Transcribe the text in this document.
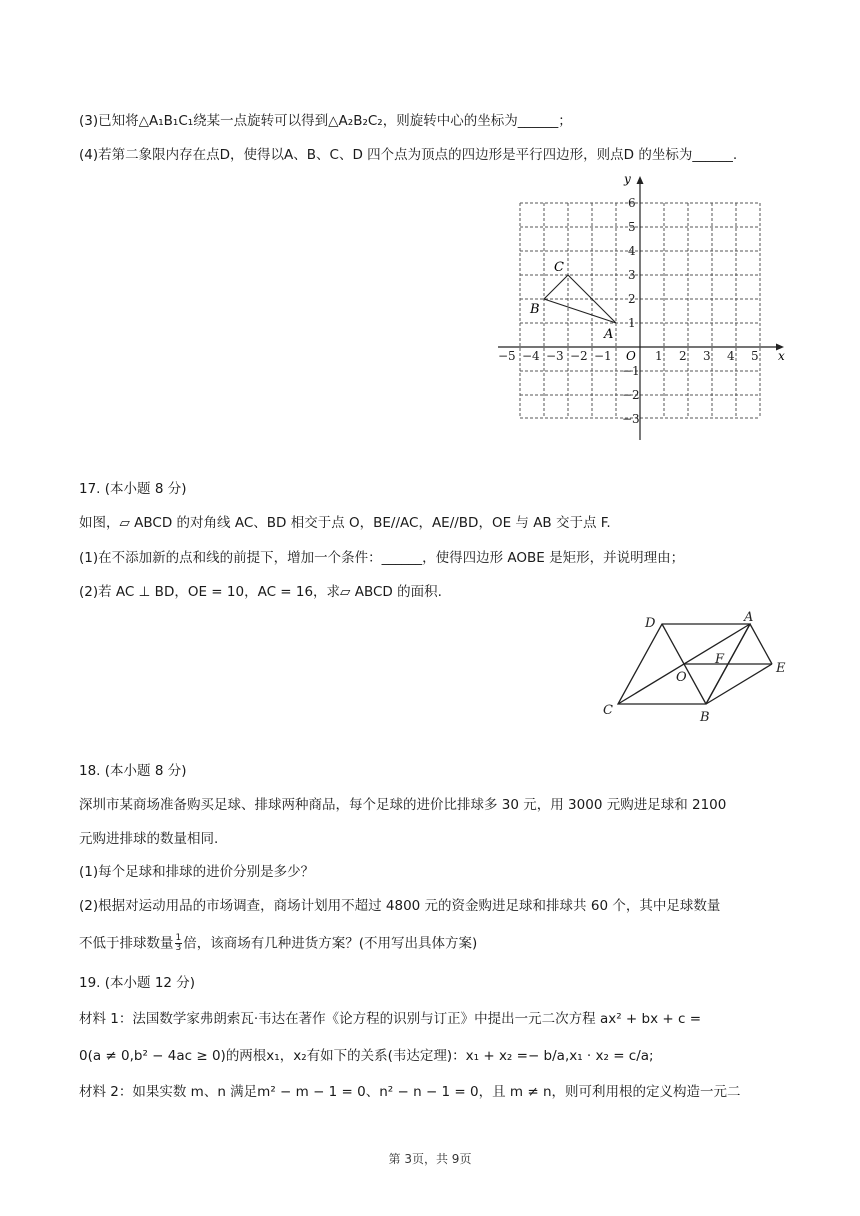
(3)已知将△A₁B₁C₁绕某一点旋转可以得到△A₂B₂C₂，则旋转中心的坐标为______；
(4)若第二象限内存在点D，使得以A、B、C、D 四个点为顶点的四边形是平行四边形，则点D 的坐标为______.
x
y
O
−5 −4 −3 −2 −1	1 2 3 4 5
6
5
4
3
2
1
−1
−2
−3
A
B
C
17. (本小题 8 分)
如图，▱ ABCD 的对角线 AC、BD 相交于点 O，BE//AC，AE//BD，OE 与 AB 交于点 F.
(1)在不添加新的点和线的前提下，增加一个条件：______，使得四边形 AOBE 是矩形，并说明理由；
(2)若 AC ⊥ BD，OE = 10，AC = 16，求▱ ABCD 的面积.
D	A
F
O
E
C	B
18. (本小题 8 分)
深圳市某商场准备购买足球、排球两种商品，每个足球的进价比排球多 30 元，用 3000 元购进足球和 2100
元购进排球的数量相同.
(1)每个足球和排球的进价分别是多少？
(2)根据对运动用品的市场调查，商场计划用不超过 4800 元的资金购进足球和排球共 60 个，其中足球数量
不低于排球数量 $\frac{1}{3}$ 倍，该商场有几种进货方案？(不用写出具体方案)
19. (本小题 12 分)
材料 1：法国数学家弗朗索瓦·韦达在著作《论方程的识别与订正》中提出一元二次方程 ax² + bx + c =
0(a ≠ 0,b² − 4ac ≥ 0)的两根x₁，x₂有如下的关系(韦达定理)：x₁ + x₂ =− b/a,x₁ · x₂ = c/a;
材料 2：如果实数 m、n 满足m² − m − 1 = 0、n² − n − 1 = 0，且 m ≠ n，则可利用根的定义构造一元二
第 3页，共 9页
